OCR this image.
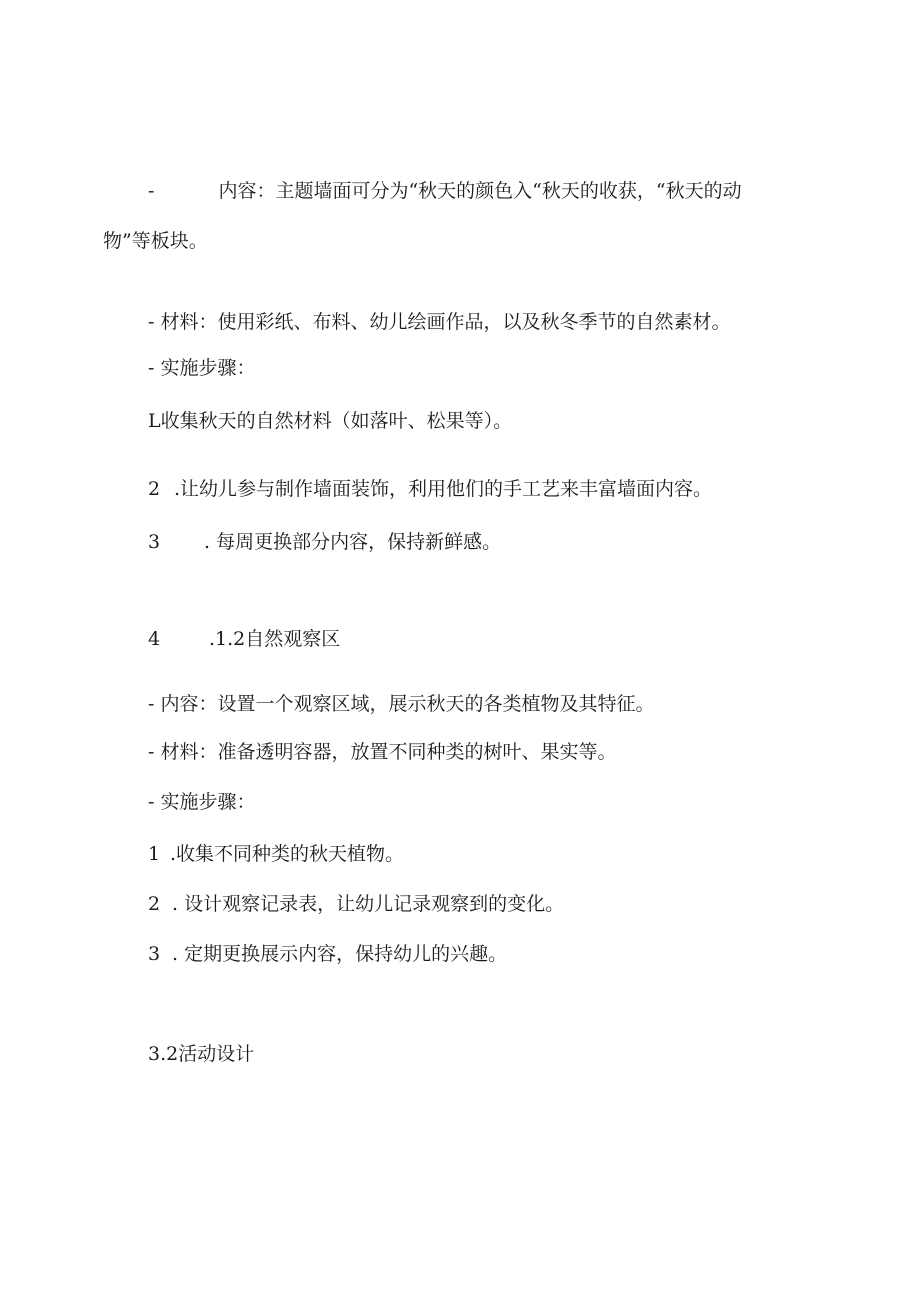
-	内容：主题墙面可分为“秋天的颜色入“秋天的收获，“秋天的动
物”等板块。
- 材料：使用彩纸、布料、幼儿绘画作品，以及秋冬季节的自然素材。
- 实施步骤：
L收集秋天的自然材料（如落叶、松果等）。
2 .让幼儿参与制作墙面装饰，利用他们的手工艺来丰富墙面内容。
3 . 每周更换部分内容，保持新鲜感。
4	.1.2自然观察区
- 内容：设置一个观察区域，展示秋天的各类植物及其特征。
- 材料：准备透明容器，放置不同种类的树叶、果实等。
- 实施步骤：
1 .收集不同种类的秋天植物。
2 . 设计观察记录表，让幼儿记录观察到的变化。
3 . 定期更换展示内容，保持幼儿的兴趣。
3.2活动设计
